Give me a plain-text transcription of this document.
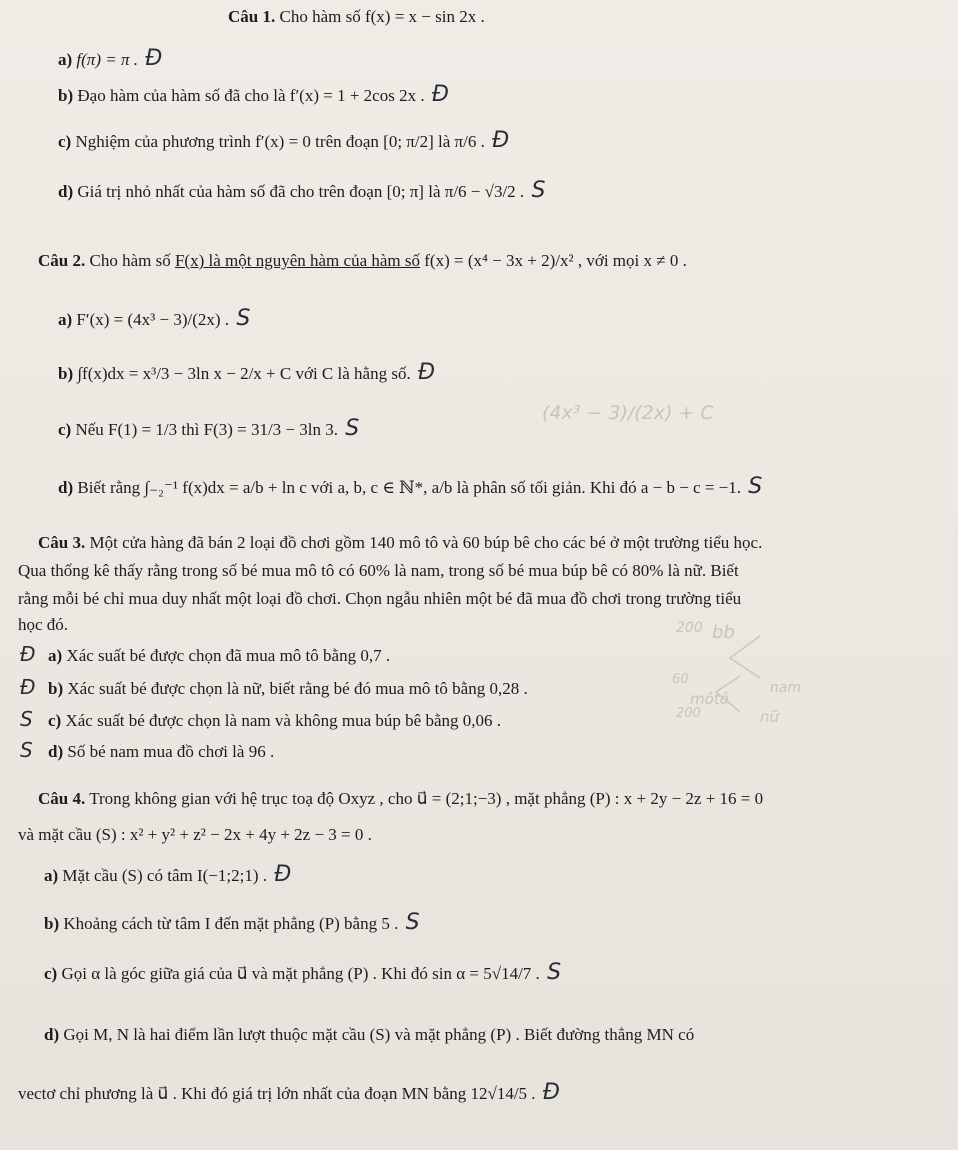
Câu 1. Cho hàm số f(x) = x − sin 2x .
a) f(π) = π . Đ
b) Đạo hàm của hàm số đã cho là f′(x) = 1 + 2cos 2x . Đ
c) Nghiệm của phương trình f′(x) = 0 trên đoạn [0; π/2] là π/6 . Đ
d) Giá trị nhỏ nhất của hàm số đã cho trên đoạn [0; π] là π/6 − √3/2 . S
Câu 2. Cho hàm số F(x) là một nguyên hàm của hàm số f(x) = (x⁴ − 3x + 2)/x² , với mọi x ≠ 0 .
a) F′(x) = (4x³ − 3)/(2x) . S
b) ∫f(x)dx = x³/3 − 3ln x − 2/x + C với C là hằng số. Đ
c) Nếu F(1) = 1/3 thì F(3) = 31/3 − 3ln 3. S
(4x³ − 3)/(2x) + C
d) Biết rằng ∫₋₂⁻¹ f(x)dx = a/b + ln c với a, b, c ∈ ℕ*, a/b là phân số tối giản. Khi đó a − b − c = −1. S
Câu 3. Một cửa hàng đã bán 2 loại đồ chơi gồm 140 mô tô và 60 búp bê cho các bé ở một trường tiểu học.
Qua thống kê thấy rằng trong số bé mua mô tô có 60% là nam, trong số bé mua búp bê có 80% là nữ. Biết
rằng mỗi bé chỉ mua duy nhất một loại đồ chơi. Chọn ngẫu nhiên một bé đã mua đồ chơi trong trường tiểu
học đó.
Đ a) Xác suất bé được chọn đã mua mô tô bằng 0,7 .
Đ b) Xác suất bé được chọn là nữ, biết rằng bé đó mua mô tô bằng 0,28 .
S c) Xác suất bé được chọn là nam và không mua búp bê bằng 0,06 .
S d) Số bé nam mua đồ chơi là 96 .
200 bb
60
môtô
nam
nữ
200
Câu 4. Trong không gian với hệ trục toạ độ Oxyz , cho u⃗ = (2;1;−3) , mặt phẳng (P) : x + 2y − 2z + 16 = 0
và mặt cầu (S) : x² + y² + z² − 2x + 4y + 2z − 3 = 0 .
a) Mặt cầu (S) có tâm I(−1;2;1) . Đ
b) Khoảng cách từ tâm I đến mặt phẳng (P) bằng 5 . S
c) Gọi α là góc giữa giá của u⃗ và mặt phẳng (P) . Khi đó sin α = 5√14/7 . S
d) Gọi M, N là hai điểm lần lượt thuộc mặt cầu (S) và mặt phẳng (P) . Biết đường thẳng MN có
vectơ chỉ phương là u⃗ . Khi đó giá trị lớn nhất của đoạn MN bằng 12√14/5 . Đ
